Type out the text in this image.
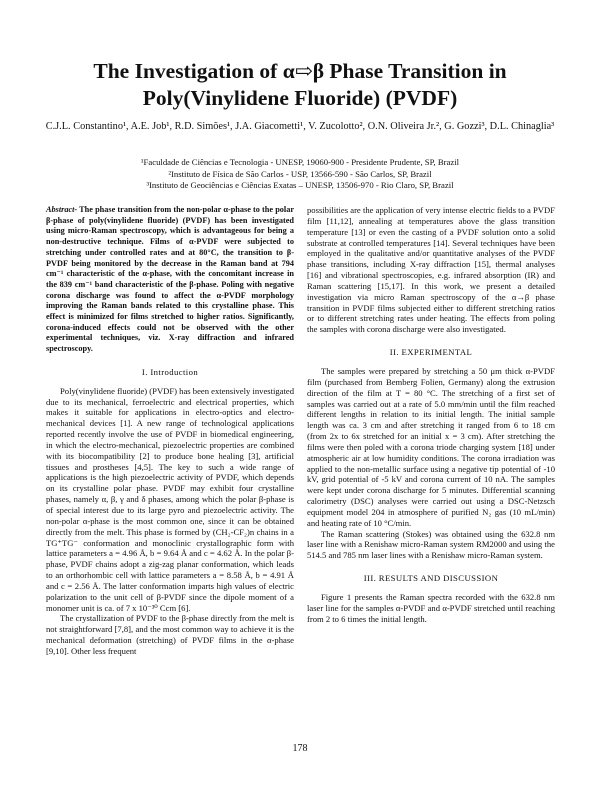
The Investigation of α⇨β Phase Transition in
Poly(Vinylidene Fluoride) (PVDF)
C.J.L. Constantino¹, A.E. Job¹, R.D. Simões¹, J.A. Giacometti¹, V. Zucolotto², O.N. Oliveira Jr.², G. Gozzi³, D.L. Chinaglia³
¹Faculdade de Ciências e Tecnologia - UNESP, 19060-900 - Presidente Prudente, SP, Brazil
²Instituto de Física de São Carlos - USP, 13566-590 - São Carlos, SP, Brazil
³Instituto de Geociências e Ciências Exatas – UNESP, 13506-970 - Rio Claro, SP, Brazil
Abstract- The phase transition from the non-polar α-phase to the polar β-phase of poly(vinylidene fluoride) (PVDF) has been investigated using micro-Raman spectroscopy, which is advantageous for being a non-destructive technique. Films of α-PVDF were subjected to stretching under controlled rates and at 80°C, the transition to β-PVDF being monitored by the decrease in the Raman band at 794 cm⁻¹ characteristic of the α-phase, with the concomitant increase in the 839 cm⁻¹ band characteristic of the β-phase. Poling with negative corona discharge was found to affect the α-PVDF morphology improving the Raman bands related to this crystalline phase. This effect is minimized for films stretched to higher ratios. Significantly, corona-induced effects could not be observed with the other experimental techniques, viz. X-ray diffraction and infrared spectroscopy.
I. Introduction

Poly(vinylidene fluoride) (PVDF) has been extensively investigated due to its mechanical, ferroelectric and electrical properties, which makes it suitable for applications in electro-optics and electro-mechanical devices [1]. A new range of technological applications reported recently involve the use of PVDF in biomedical engineering, in which the electro-mechanical, piezoelectric properties are combined with its biocompatibility [2] to produce bone healing [3], artificial tissues and prostheses [4,5]. The key to such a wide range of applications is the high piezoelectric activity of PVDF, which depends on its crystalline polar phase. PVDF may exhibit four crystalline phases, namely α, β, γ and δ phases, among which the polar β-phase is of special interest due to its large pyro and piezoelectric activity. The non-polar α-phase is the most common one, since it can be obtained directly from the melt. This phase is formed by (CH₂-CF₂)n chains in a TG⁺TG⁻ conformation and monoclinic crystallographic form with lattice parameters a = 4.96 Å, b = 9.64 Å and c = 4.62 Å. In the polar β-phase, PVDF chains adopt a zig-zag planar conformation, which leads to an orthorhombic cell with lattice parameters a = 8.58 Å, b = 4.91 Å and c = 2.56 Å. The latter conformation imparts high values of electric polarization to the unit cell of β-PVDF since the dipole moment of a monomer unit is ca. of 7 x 10⁻³⁰ Ccm [6].

The crystallization of PVDF to the β-phase directly from the melt is not straightforward [7,8], and the most common way to achieve it is the mechanical deformation (stretching) of PVDF films in the α-phase [9,10]. Other less frequent

possibilities are the application of very intense electric fields to a PVDF film [11,12], annealing at temperatures above the glass transition temperature [13] or even the casting of a PVDF solution onto a solid substrate at controlled temperatures [14]. Several techniques have been employed in the qualitative and/or quantitative analyses of the PVDF phase transitions, including X-ray diffraction [15], thermal analyses [16] and vibrational spectroscopies, e.g. infrared absorption (IR) and Raman scattering [15,17]. In this work, we present a detailed investigation via micro Raman spectroscopy of the α→β phase transition in PVDF films subjected either to different stretching ratios or to different stretching rates under heating. The effects from poling the samples with corona discharge were also investigated.

II. EXPERIMENTAL

The samples were prepared by stretching a 50 μm thick α-PVDF film (purchased from Bemberg Folien, Germany) along the extrusion direction of the film at T = 80 °C. The stretching of a first set of samples was carried out at a rate of 5.0 mm/min until the film reached different lengths in relation to its initial length. The initial sample length was ca. 3 cm and after stretching it ranged from 6 to 18 cm (from 2x to 6x stretched for an initial x = 3 cm). After stretching the films were then poled with a corona triode charging system [18] under atmospheric air at low humidity conditions. The corona irradiation was applied to the non-metallic surface using a negative tip potential of -10 kV, grid potential of -5 kV and corona current of 10 nA. The samples were kept under corona discharge for 5 minutes. Differential scanning calorimetry (DSC) analyses were carried out using a DSC-Netzsch equipment model 204 in atmosphere of purified N₂ gas (10 mL/min) and heating rate of 10 °C/min.

The Raman scattering (Stokes) was obtained using the 632.8 nm laser line with a Renishaw micro-Raman system RM2000 and using the 514.5 and 785 nm laser lines with a Renishaw micro-Raman system.

III. RESULTS AND DISCUSSION

Figure 1 presents the Raman spectra recorded with the 632.8 nm laser line for the samples α-PVDF and α-PVDF stretched until reaching from 2 to 6 times the initial length.

178
